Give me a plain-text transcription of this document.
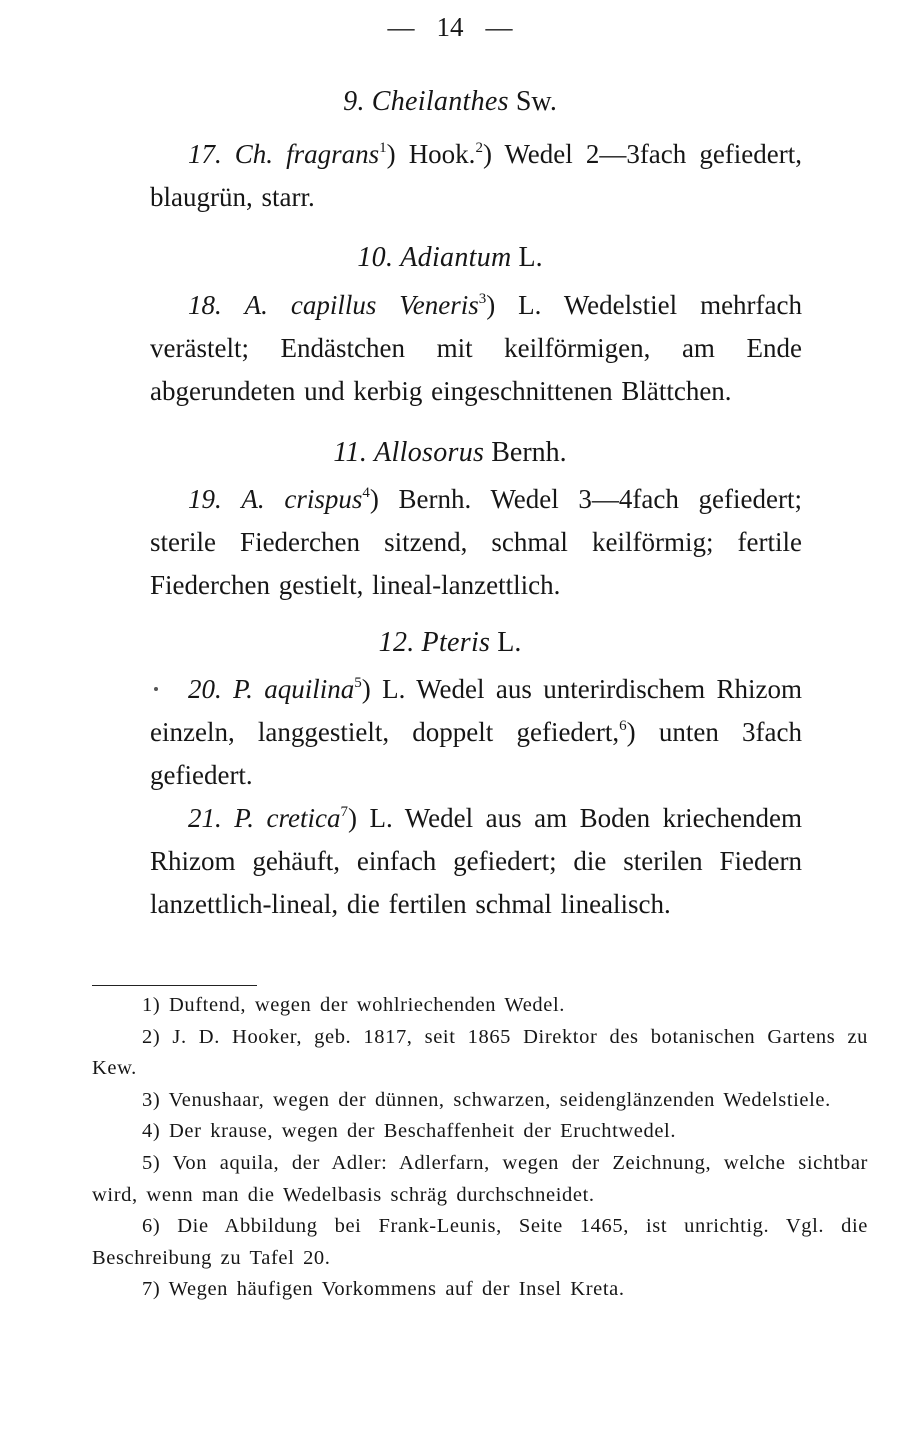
— 14 —
9. Cheilanthes Sw.
17. Ch. fragrans$^1$) Hook.$^2$) Wedel 2—3fach gefiedert, blaugrün, starr.
10. Adiantum L.
18. A. capillus Veneris$^3$) L. Wedelstiel mehrfach verästelt; Endästchen mit keilförmigen, am Ende abgerundeten und kerbig eingeschnittenen Blättchen.
11. Allosorus Bernh.
19. A. crispus$^4$) Bernh. Wedel 3—4fach gefiedert; sterile Fiederchen sitzend, schmal keilförmig; fertile Fiederchen gestielt, lineal-lanzettlich.
12. Pteris L.
20. P. aquilina$^5$) L. Wedel aus unterirdischem Rhizom einzeln, langgestielt, doppelt gefiedert,$^6$) unten 3fach gefiedert.
21. P. cretica$^7$) L. Wedel aus am Boden kriechendem Rhizom gehäuft, einfach gefiedert; die sterilen Fiedern lanzettlich-lineal, die fertilen schmal linealisch.
1) Duftend, wegen der wohlriechenden Wedel.
2) J. D. Hooker, geb. 1817, seit 1865 Direktor des botanischen Gartens zu Kew.
3) Venushaar, wegen der dünnen, schwarzen, seidenglänzenden Wedelstiele.
4) Der krause, wegen der Beschaffenheit der Eruchtwedel.
5) Von aquila, der Adler: Adlerfarn, wegen der Zeichnung, welche sichtbar wird, wenn man die Wedelbasis schräg durchschneidet.
6) Die Abbildung bei Frank-Leunis, Seite 1465, ist unrichtig. Vgl. die Beschreibung zu Tafel 20.
7) Wegen häufigen Vorkommens auf der Insel Kreta.
